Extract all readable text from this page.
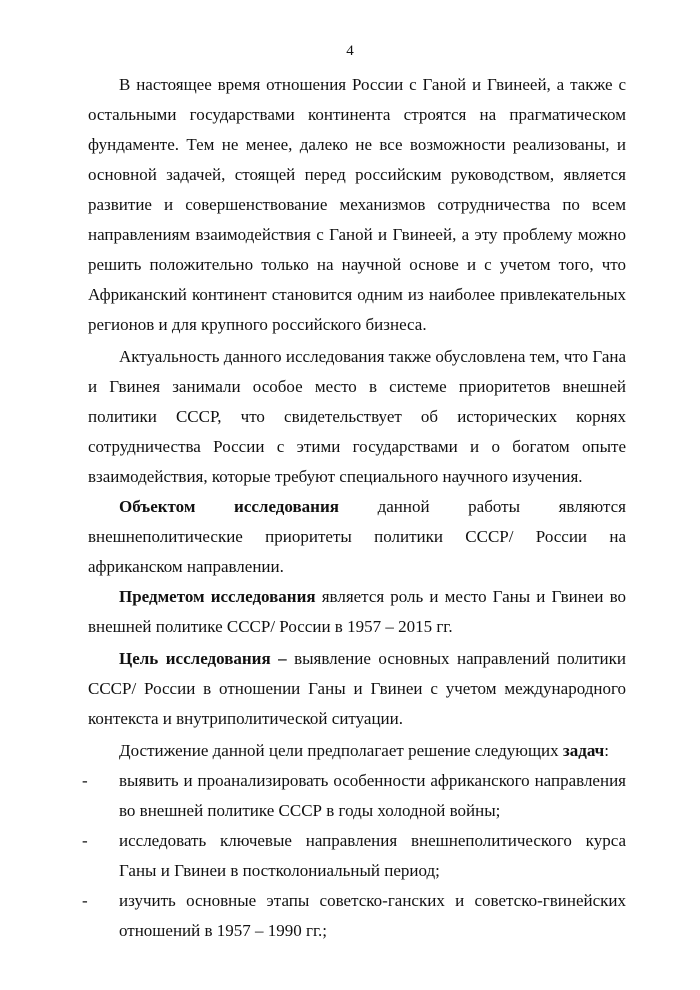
4

В настоящее время отношения России с Ганой и Гвинеей, а также с остальными государствами континента строятся на прагматическом фундаменте. Тем не менее, далеко не все возможности реализованы, и основной задачей, стоящей перед российским руководством, является развитие и совершенствование механизмов сотрудничества по всем направлениям взаимодействия с Ганой и Гвинеей, а эту проблему можно решить положительно только на научной основе и с учетом того, что Африканский континент становится одним из наиболее привлекательных регионов и для крупного российского бизнеса.

Актуальность данного исследования также обусловлена тем, что Гана и Гвинея занимали особое место в системе приоритетов внешней политики СССР, что свидетельствует об исторических корнях сотрудничества России с этими государствами и о богатом опыте взаимодействия, которые требуют специального научного изучения.

Объектом исследования данной работы являются

внешнеполитические приоритеты политики СССР/ России на африканском направлении.

Предметом исследования является роль и место Ганы и Гвинеи во внешней политике СССР/ России в 1957 – 2015 гг.

Цель исследования – выявление основных направлений политики СССР/ России в отношении Ганы и Гвинеи с учетом международного контекста и внутриполитической ситуации.

Достижение данной цели предполагает решение следующих задач:

-	выявить и проанализировать особенности африканского направления во внешней политике СССР в годы холодной войны;
-	исследовать ключевые направления внешнеполитического курса Ганы и Гвинеи в постколониальный период;
-	изучить основные этапы советско-ганских и советско-гвинейских отношений в 1957 – 1990 гг.;
